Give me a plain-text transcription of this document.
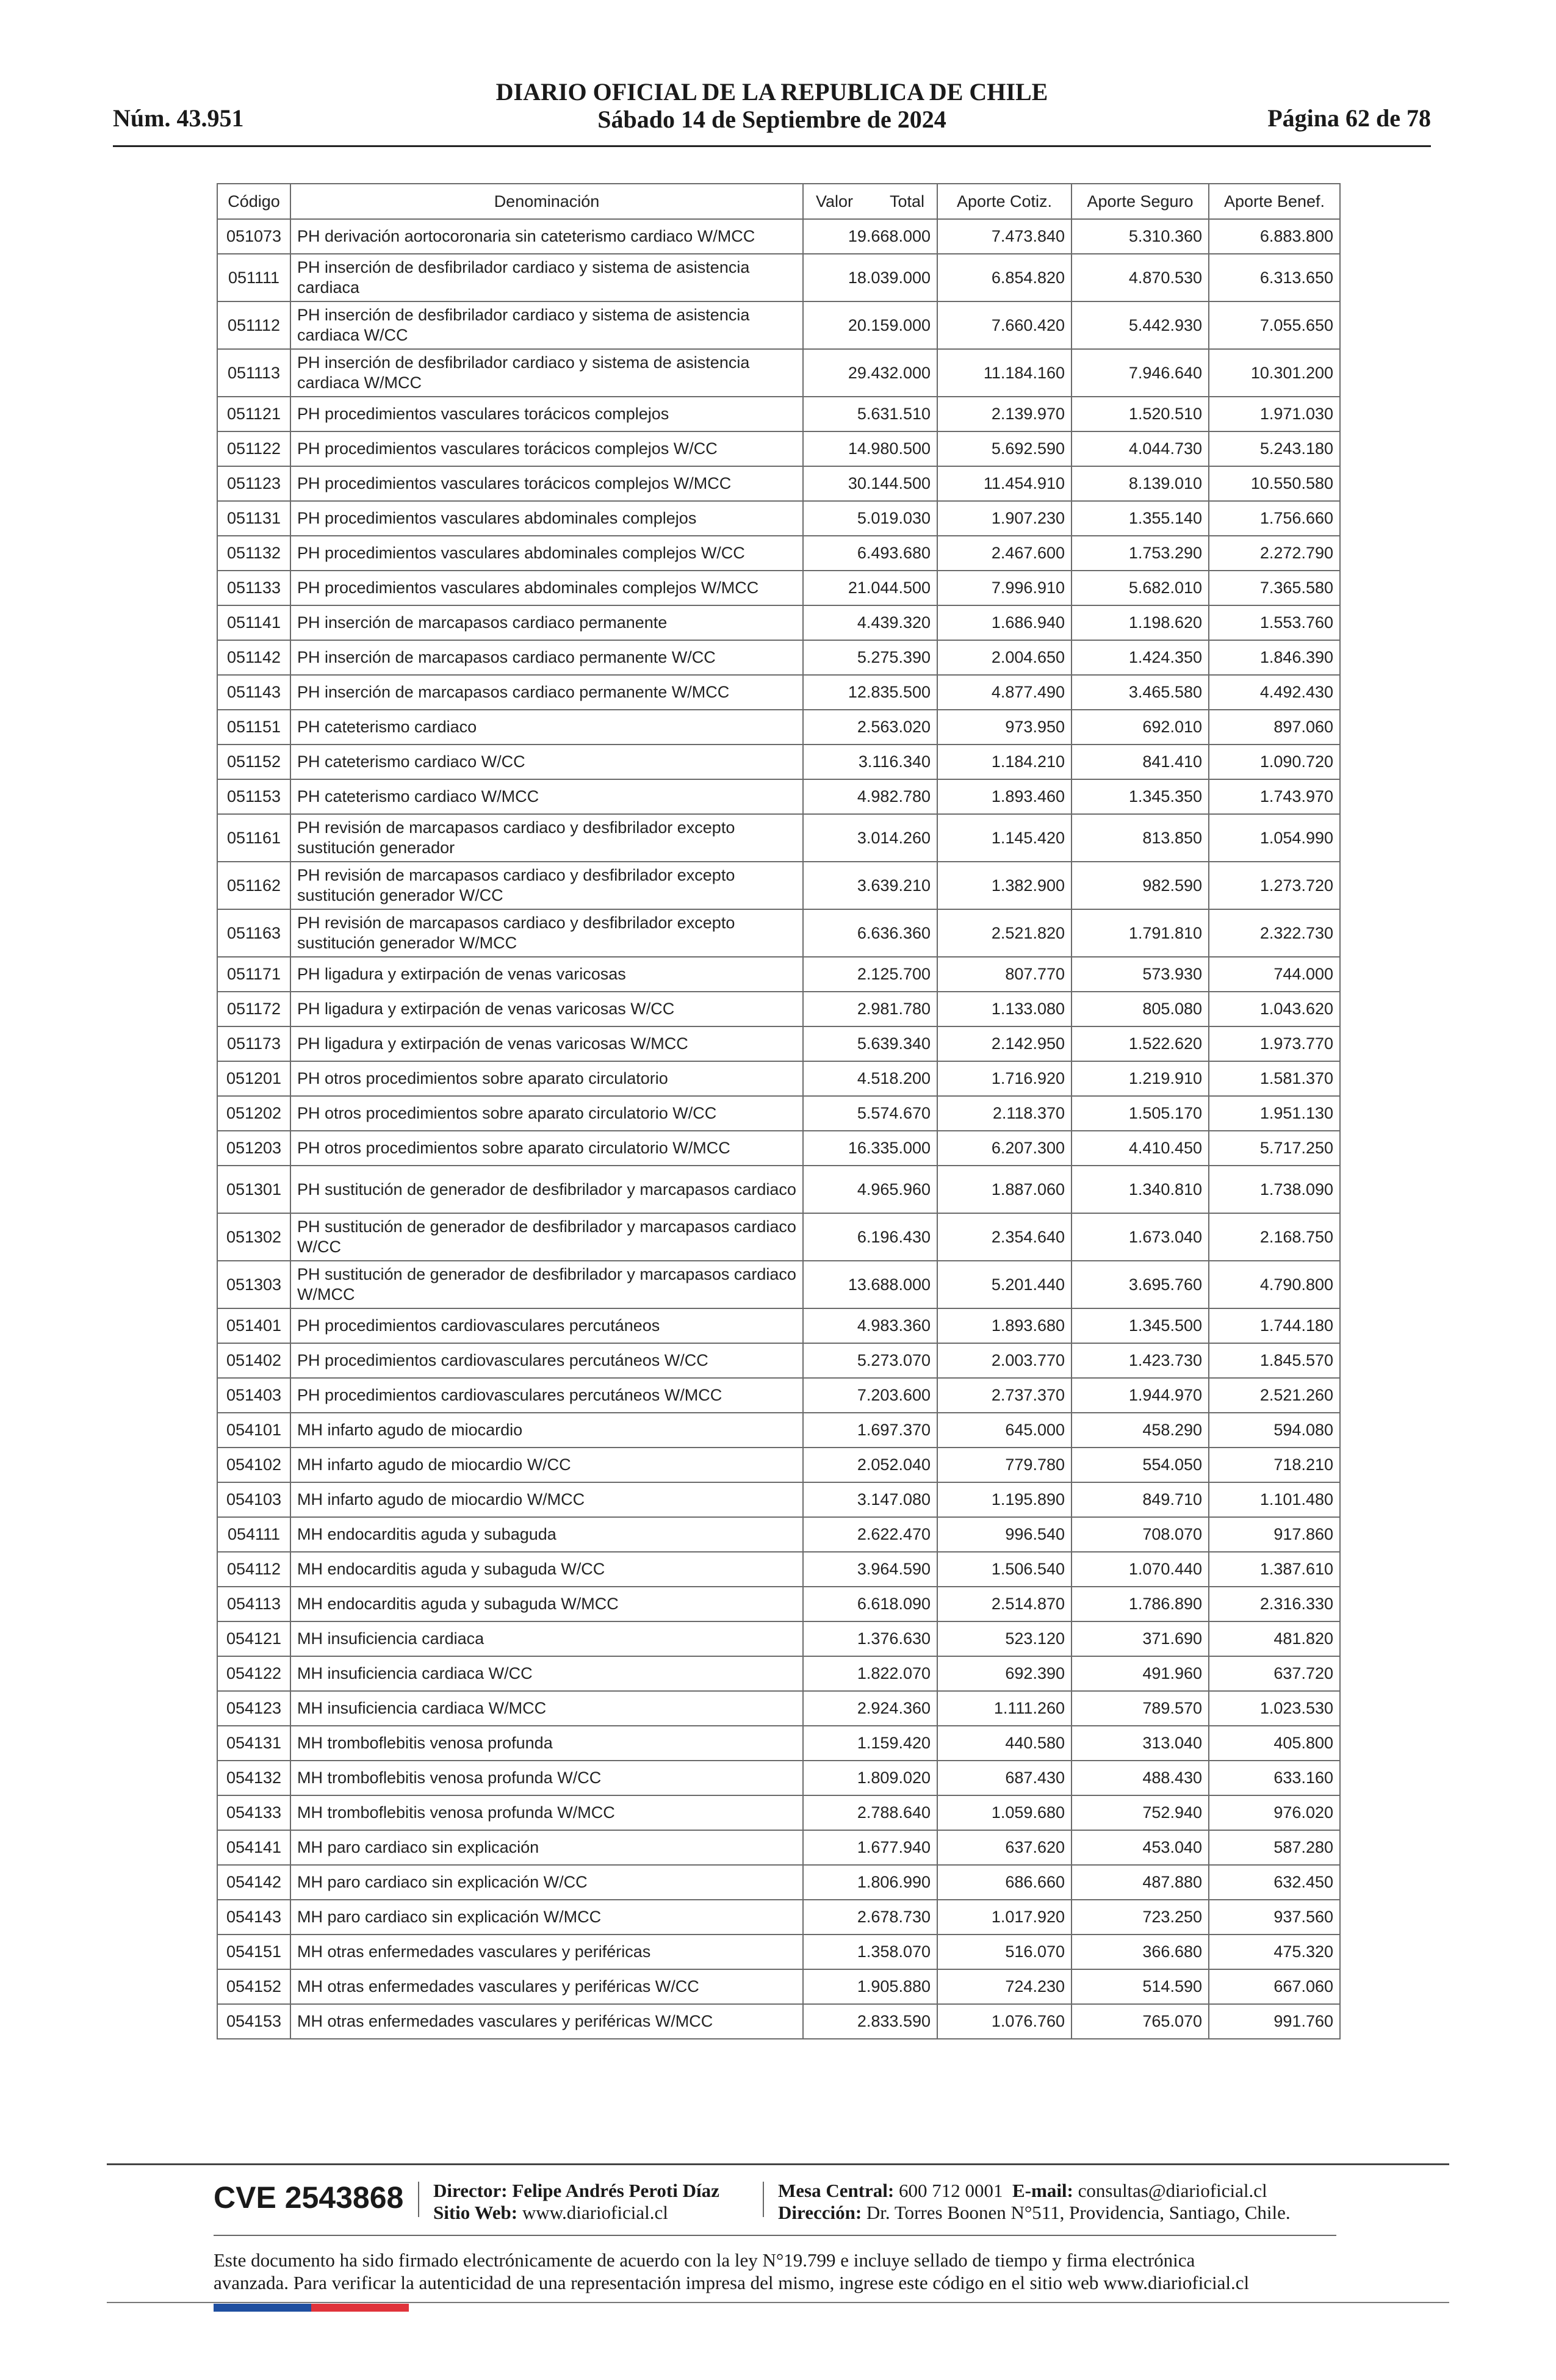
Núm. 43.951
DIARIO OFICIAL DE LA REPUBLICA DE CHILE
Sábado 14 de Septiembre de 2024	Página 62 de 78
Código	Denominación	Valor Total	Aporte Cotiz.	Aporte Seguro	Aporte Benef.
051073	PH derivación aortocoronaria sin cateterismo cardiaco W/MCC	19.668.000	7.473.840	5.310.360	6.883.800
051111	PH inserción de desfibrilador cardiaco y sistema de asistencia cardiaca	18.039.000	6.854.820	4.870.530	6.313.650
051112	PH inserción de desfibrilador cardiaco y sistema de asistencia cardiaca W/CC	20.159.000	7.660.420	5.442.930	7.055.650
051113	PH inserción de desfibrilador cardiaco y sistema de asistencia cardiaca W/MCC	29.432.000	11.184.160	7.946.640	10.301.200
051121	PH procedimientos vasculares torácicos complejos	5.631.510	2.139.970	1.520.510	1.971.030
051122	PH procedimientos vasculares torácicos complejos W/CC	14.980.500	5.692.590	4.044.730	5.243.180
051123	PH procedimientos vasculares torácicos complejos W/MCC	30.144.500	11.454.910	8.139.010	10.550.580
051131	PH procedimientos vasculares abdominales complejos	5.019.030	1.907.230	1.355.140	1.756.660
051132	PH procedimientos vasculares abdominales complejos W/CC	6.493.680	2.467.600	1.753.290	2.272.790
051133	PH procedimientos vasculares abdominales complejos W/MCC	21.044.500	7.996.910	5.682.010	7.365.580
051141	PH inserción de marcapasos cardiaco permanente	4.439.320	1.686.940	1.198.620	1.553.760
051142	PH inserción de marcapasos cardiaco permanente W/CC	5.275.390	2.004.650	1.424.350	1.846.390
051143	PH inserción de marcapasos cardiaco permanente W/MCC	12.835.500	4.877.490	3.465.580	4.492.430
051151	PH cateterismo cardiaco	2.563.020	973.950	692.010	897.060
051152	PH cateterismo cardiaco W/CC	3.116.340	1.184.210	841.410	1.090.720
051153	PH cateterismo cardiaco W/MCC	4.982.780	1.893.460	1.345.350	1.743.970
051161	PH revisión de marcapasos cardiaco y desfibrilador excepto sustitución generador	3.014.260	1.145.420	813.850	1.054.990
051162	PH revisión de marcapasos cardiaco y desfibrilador excepto sustitución generador W/CC	3.639.210	1.382.900	982.590	1.273.720
051163	PH revisión de marcapasos cardiaco y desfibrilador excepto sustitución generador W/MCC	6.636.360	2.521.820	1.791.810	2.322.730
051171	PH ligadura y extirpación de venas varicosas	2.125.700	807.770	573.930	744.000
051172	PH ligadura y extirpación de venas varicosas W/CC	2.981.780	1.133.080	805.080	1.043.620
051173	PH ligadura y extirpación de venas varicosas W/MCC	5.639.340	2.142.950	1.522.620	1.973.770
051201	PH otros procedimientos sobre aparato circulatorio	4.518.200	1.716.920	1.219.910	1.581.370
051202	PH otros procedimientos sobre aparato circulatorio W/CC	5.574.670	2.118.370	1.505.170	1.951.130
051203	PH otros procedimientos sobre aparato circulatorio W/MCC	16.335.000	6.207.300	4.410.450	5.717.250
051301	PH sustitución de generador de desfibrilador y marcapasos cardiaco	4.965.960	1.887.060	1.340.810	1.738.090
051302	PH sustitución de generador de desfibrilador y marcapasos cardiaco W/CC	6.196.430	2.354.640	1.673.040	2.168.750
051303	PH sustitución de generador de desfibrilador y marcapasos cardiaco W/MCC	13.688.000	5.201.440	3.695.760	4.790.800
051401	PH procedimientos cardiovasculares percutáneos	4.983.360	1.893.680	1.345.500	1.744.180
051402	PH procedimientos cardiovasculares percutáneos W/CC	5.273.070	2.003.770	1.423.730	1.845.570
051403	PH procedimientos cardiovasculares percutáneos W/MCC	7.203.600	2.737.370	1.944.970	2.521.260
054101	MH infarto agudo de miocardio	1.697.370	645.000	458.290	594.080
054102	MH infarto agudo de miocardio W/CC	2.052.040	779.780	554.050	718.210
054103	MH infarto agudo de miocardio W/MCC	3.147.080	1.195.890	849.710	1.101.480
054111	MH endocarditis aguda y subaguda	2.622.470	996.540	708.070	917.860
054112	MH endocarditis aguda y subaguda W/CC	3.964.590	1.506.540	1.070.440	1.387.610
054113	MH endocarditis aguda y subaguda W/MCC	6.618.090	2.514.870	1.786.890	2.316.330
054121	MH insuficiencia cardiaca	1.376.630	523.120	371.690	481.820
054122	MH insuficiencia cardiaca W/CC	1.822.070	692.390	491.960	637.720
054123	MH insuficiencia cardiaca W/MCC	2.924.360	1.111.260	789.570	1.023.530
054131	MH tromboflebitis venosa profunda	1.159.420	440.580	313.040	405.800
054132	MH tromboflebitis venosa profunda W/CC	1.809.020	687.430	488.430	633.160
054133	MH tromboflebitis venosa profunda W/MCC	2.788.640	1.059.680	752.940	976.020
054141	MH paro cardiaco sin explicación	1.677.940	637.620	453.040	587.280
054142	MH paro cardiaco sin explicación W/CC	1.806.990	686.660	487.880	632.450
054143	MH paro cardiaco sin explicación W/MCC	2.678.730	1.017.920	723.250	937.560
054151	MH otras enfermedades vasculares y periféricas	1.358.070	516.070	366.680	475.320
054152	MH otras enfermedades vasculares y periféricas W/CC	1.905.880	724.230	514.590	667.060
054153	MH otras enfermedades vasculares y periféricas W/MCC	2.833.590	1.076.760	765.070	991.760
CVE 2543868 Director: Felipe Andrés Peroti Díaz
Sitio Web: www.diarioficial.cl
Mesa Central: 600 712 0001 E-mail: consultas@diarioficial.cl
Dirección: Dr. Torres Boonen N°511, Providencia, Santiago, Chile.
Este documento ha sido firmado electrónicamente de acuerdo con la ley N°19.799 e incluye sellado de tiempo y firma electrónica
avanzada. Para verificar la autenticidad de una representación impresa del mismo, ingrese este código en el sitio web www.diarioficial.cl
